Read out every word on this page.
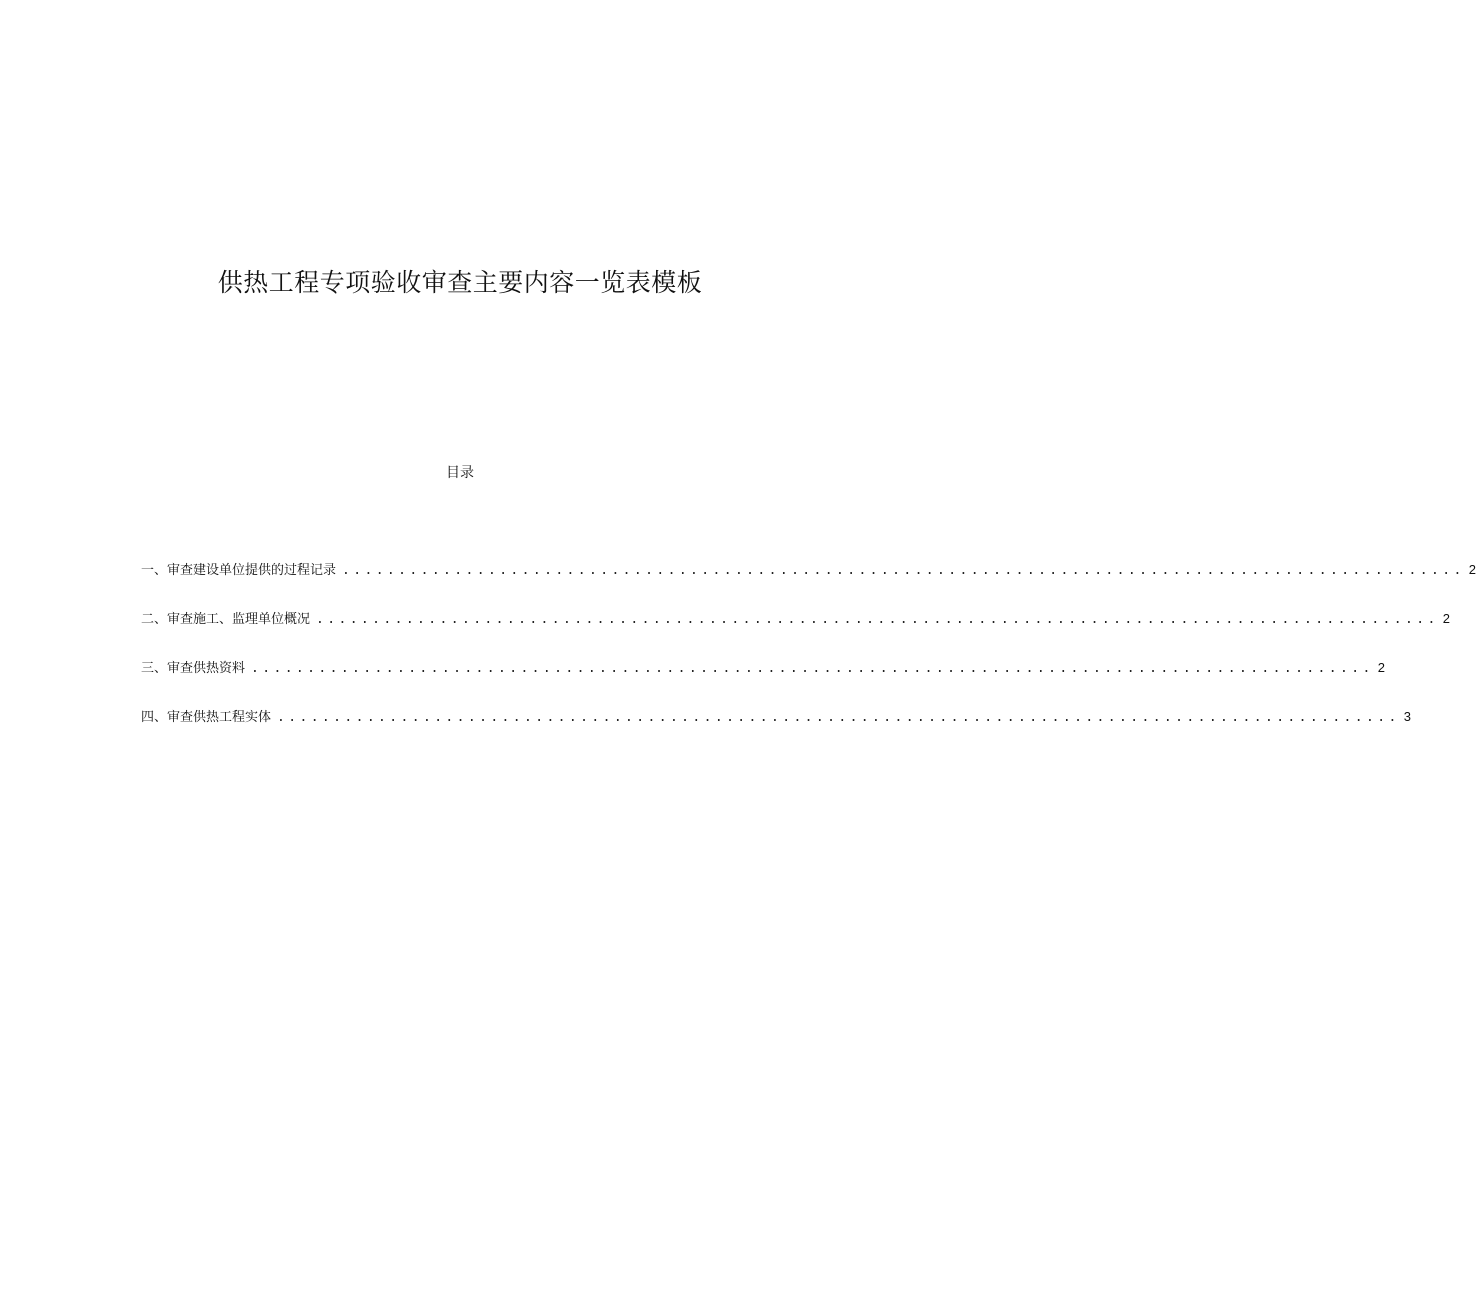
供热工程专项验收审查主要内容一览表模板
目录
一、审查建设单位提供的过程记录 .................................................................................................... 2
二、审查施工、监理单位概况 .................................................................................................... 2
三、审查供热资料 .................................................................................................... 2
四、审查供热工程实体 .................................................................................................... 3
